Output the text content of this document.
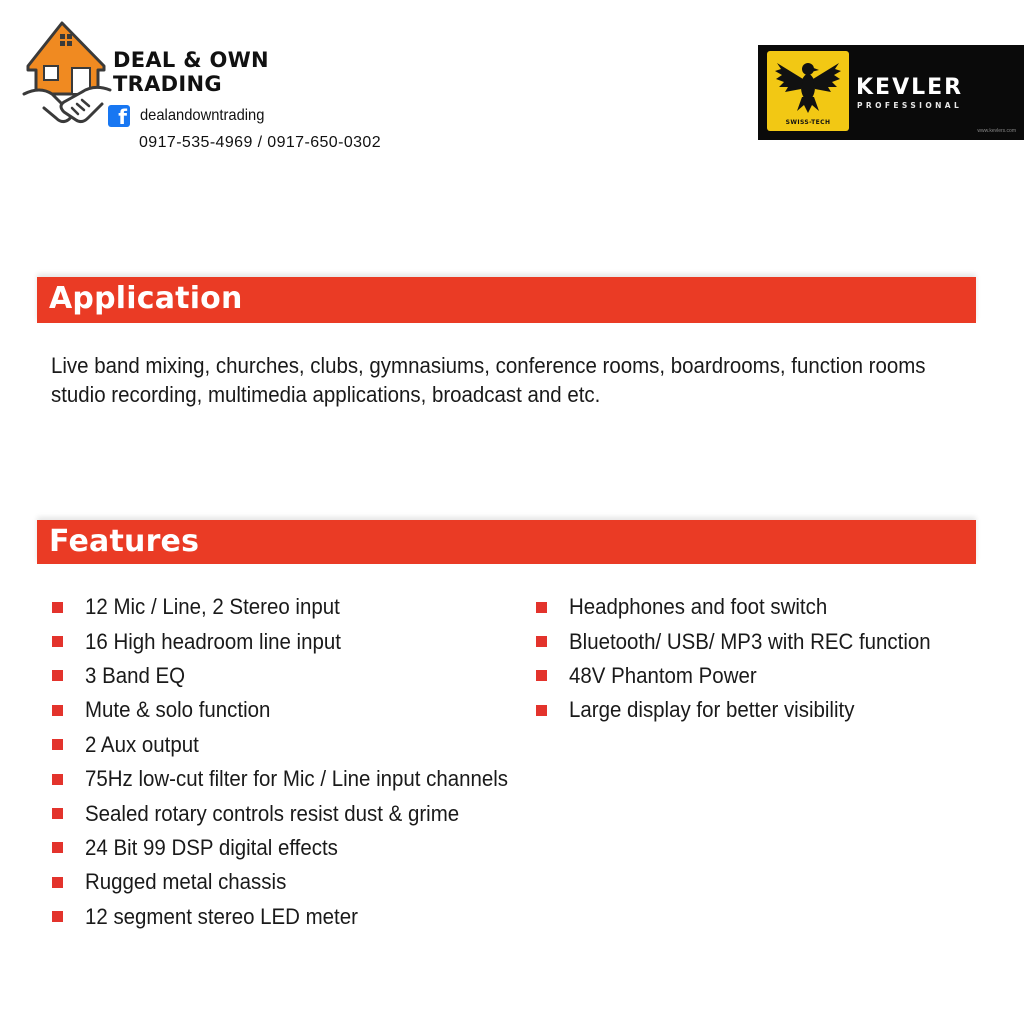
DEAL & OWN
TRADING
f dealandowntrading
0917-535-4969 / 0917-650-0302
SWISS-TECH
KEVLER
PROFESSIONAL
www.kevlers.com
Application
Live band mixing, churches, clubs, gymnasiums, conference rooms, boardrooms, function rooms
studio recording, multimedia applications, broadcast and etc.
Features
12 Mic / Line, 2 Stereo input
16 High headroom line input
3 Band EQ
Mute & solo function
2 Aux output
75Hz low-cut filter for Mic / Line input channels
Sealed rotary controls resist dust & grime
24 Bit 99 DSP digital effects
Rugged metal chassis
12 segment stereo LED meter
Headphones and foot switch
Bluetooth/ USB/ MP3 with REC function
48V Phantom Power
Large display for better visibility
